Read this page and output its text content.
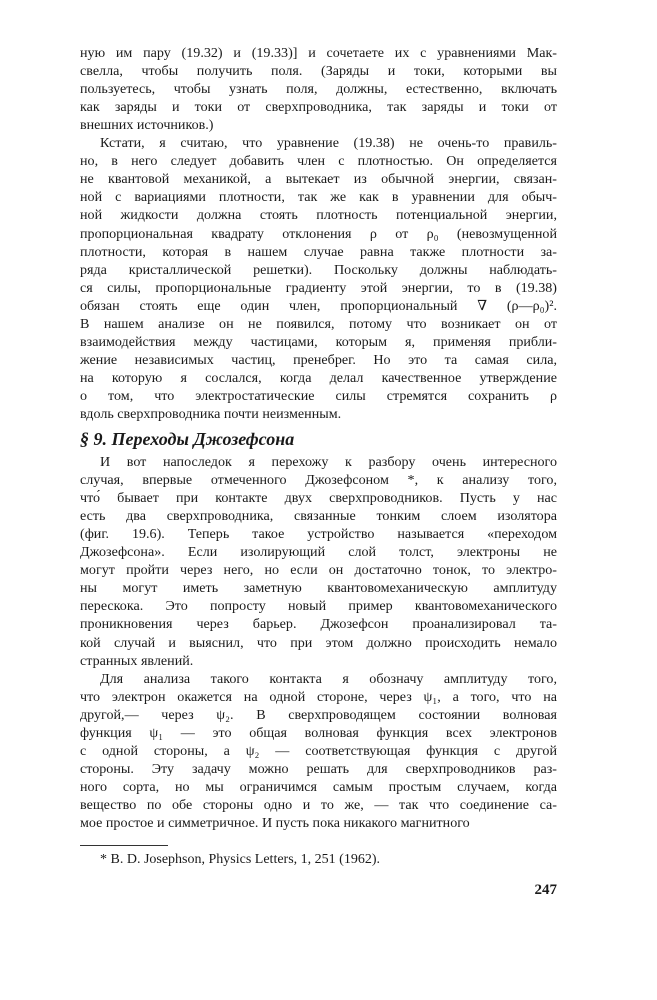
ную им пару (19.32) и (19.33)] и сочетаете их с уравнениями Мак-
свелла, чтобы получить поля. (Заряды и токи, которыми вы
пользуетесь, чтобы узнать поля, должны, естественно, включать
как заряды и токи от сверхпроводника, так заряды и токи от
внешних источников.)
Кстати, я считаю, что уравнение (19.38) не очень-то правиль-
но, в него следует добавить член с плотностью. Он определяется
не квантовой механикой, а вытекает из обычной энергии, связан-
ной с вариациями плотности, так же как в уравнении для обыч-
ной жидкости должна стоять плотность потенциальной энергии,
пропорциональная квадрату отклонения ρ от ρ₀ (невозмущенной
плотности, которая в нашем случае равна также плотности за-
ряда кристаллической решетки). Поскольку должны наблюдать-
ся силы, пропорциональные градиенту этой энергии, то в (19.38)
обязан стоять еще один член, пропорциональный ∇ (ρ—ρ₀)².
В нашем анализе он не появился, потому что возникает он от
взаимодействия между частицами, которым я, применяя прибли-
жение независимых частиц, пренебрег. Но это та самая сила,
§ 9. Переходы Джозефсона
И вот напоследок я перехожу к разбору очень интересного
случая, впервые отмеченного Джозефсоном *, к анализу того,
что́ бывает при контакте двух сверхпроводников. Пусть у нас
есть два сверхпроводника, связанные тонким слоем изолятора
(фиг. 19.6). Теперь такое устройство называется «переходом
Джозефсона». Если изолирующий слой толст, электроны не
могут пройти через него, но если он достаточно тонок, то электро-
ны могут иметь заметную квантовомеханическую амплитуду
перескока. Это попросту новый пример квантовомеханического
проникновения через барьер. Джозефсон проанализировал та-
кой случай и выяснил, что при этом должно происходить немало
странных явлений.
Для анализа такого контакта я обозначу амплитуду того,
что электрон окажется на одной стороне, через ψ₁, а того, что на
другой,— через ψ₂. В сверхпроводящем состоянии волновая
функция ψ₁ — это общая волновая функция всех электронов
с одной стороны, а ψ₂ — соответствующая функция с другой
на которую я сослался, когда делал качественное утверждение
о том, что электростатические силы стремятся сохранить ρ
вдоль сверхпроводника почти неизменным.
стороны. Эту задачу можно решать для сверхпроводников раз-
ного сорта, но мы ограничимся самым простым случаем, когда
вещество по обе стороны одно и то же, — так что соединение са-
мое простое и симметричное. И пусть пока никакого магнитного
* B. D. Josephson, Physics Letters, 1, 251 (1962).
247
